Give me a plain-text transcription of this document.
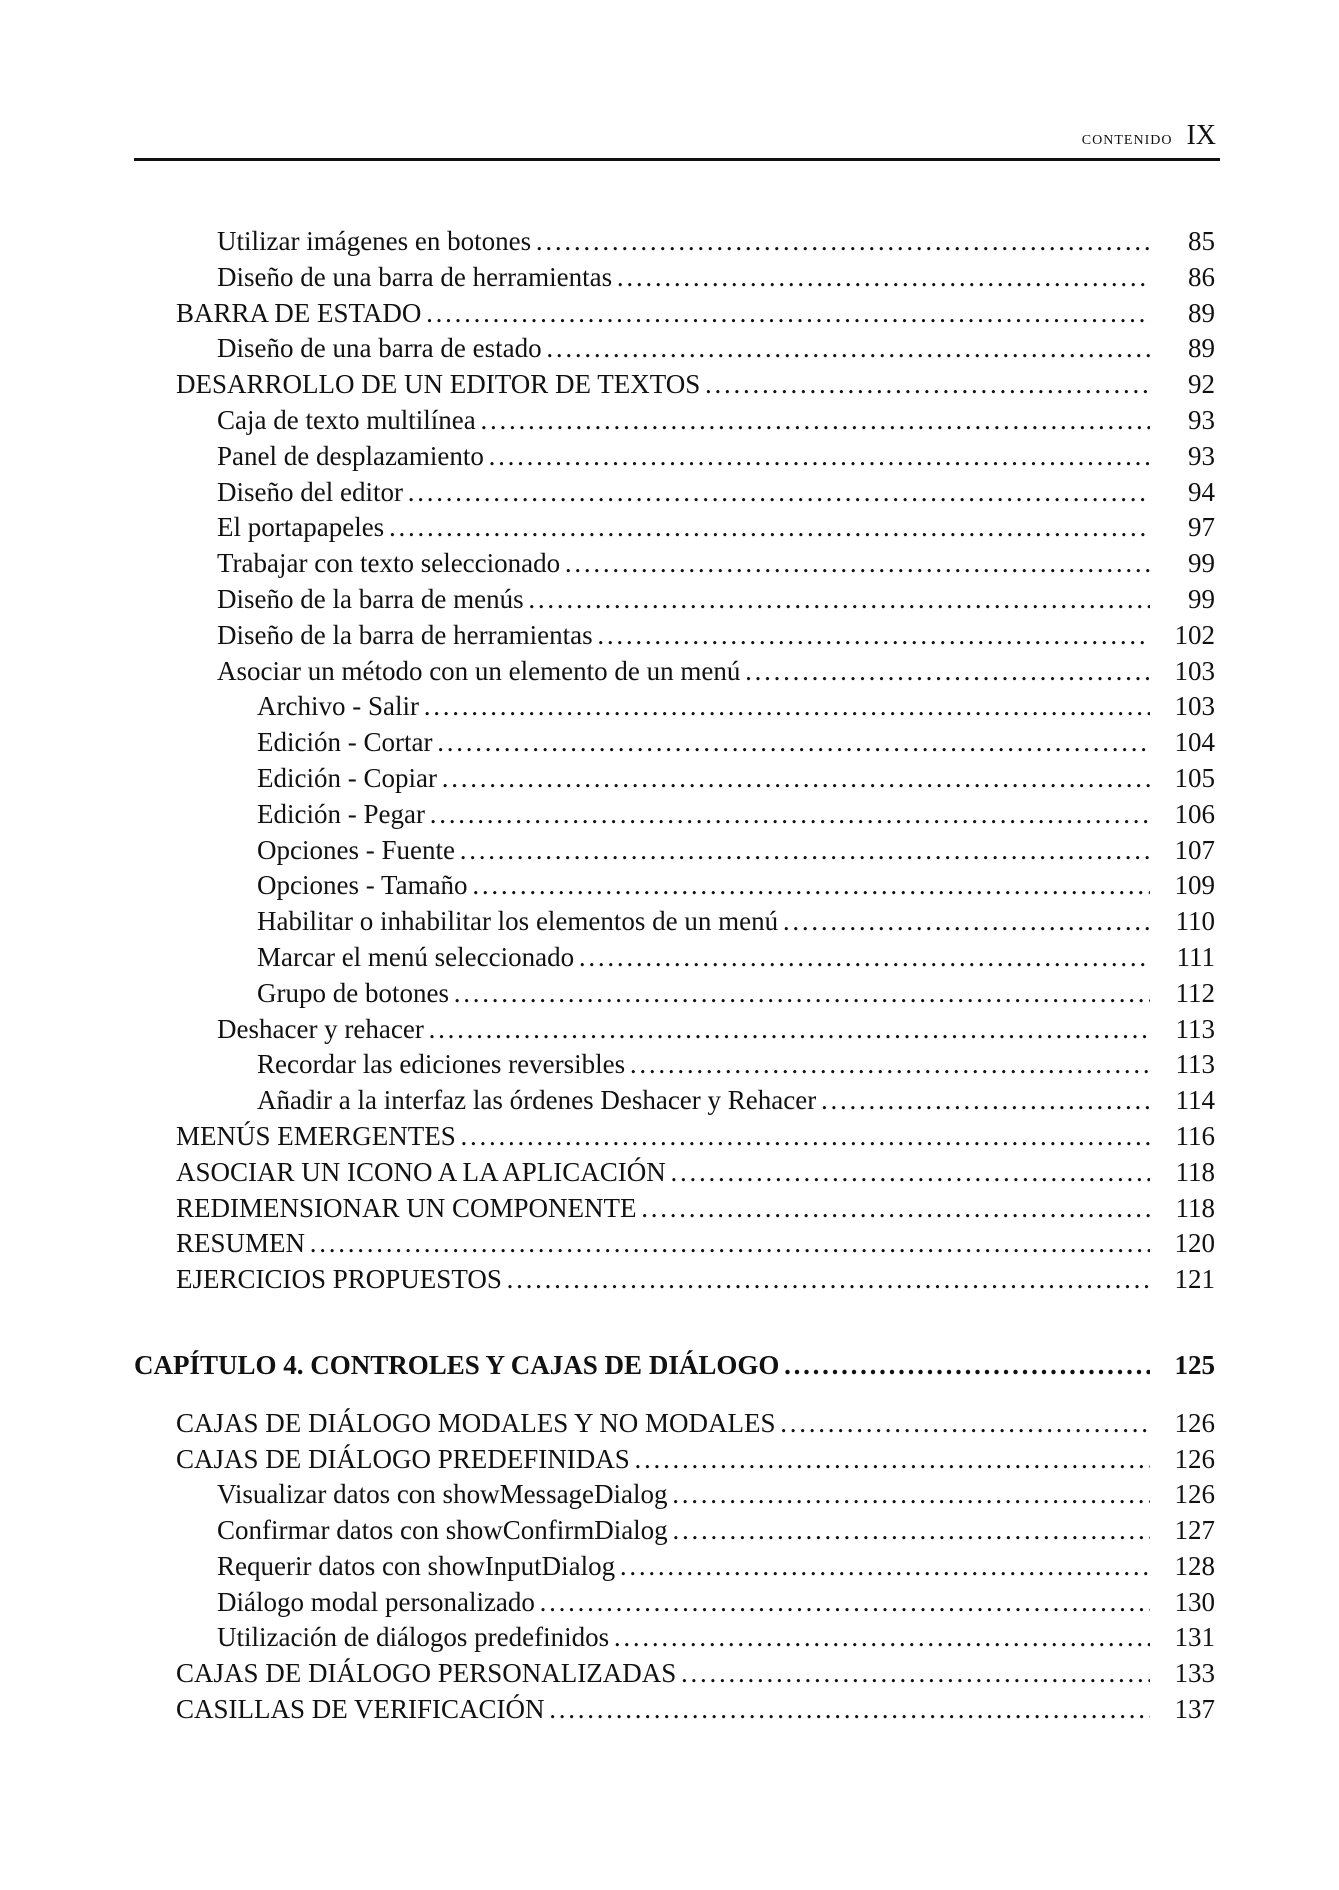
contenido IX
Utilizar imágenes en botones . . .	85
Diseño de una barra de herramientas . . .	86
BARRA DE ESTADO . . .	89
Diseño de una barra de estado . . .	89
DESARROLLO DE UN EDITOR DE TEXTOS . . .	92
Caja de texto multilínea . . .	93
Panel de desplazamiento . . .	93
Diseño del editor . . .	94
El portapapeles . . .	97
Trabajar con texto seleccionado . . .	99
Diseño de la barra de menús . . .	99
Diseño de la barra de herramientas . . .	102
Asociar un método con un elemento de un menú . . .	103
Archivo - Salir . . .	103
Edición - Cortar . . .	104
Edición - Copiar . . .	105
Edición - Pegar . . .	106
Opciones - Fuente . . .	107
Opciones - Tamaño . . .	109
Habilitar o inhabilitar los elementos de un menú . . .	110
Marcar el menú seleccionado . . .	111
Grupo de botones . . .	112
Deshacer y rehacer . . .	113
Recordar las ediciones reversibles . . .	113
Añadir a la interfaz las órdenes Deshacer y Rehacer . . .	114
MENÚS EMERGENTES . . .	116
ASOCIAR UN ICONO A LA APLICACIÓN . . .	118
REDIMENSIONAR UN COMPONENTE . . .	118
RESUMEN . . .	120
EJERCICIOS PROPUESTOS . . .	121
CAPÍTULO 4. CONTROLES Y CAJAS DE DIÁLOGO . . .	125
CAJAS DE DIÁLOGO MODALES Y NO MODALES . . .	126
CAJAS DE DIÁLOGO PREDEFINIDAS . . .	126
Visualizar datos con showMessageDialog . . .	126
Confirmar datos con showConfirmDialog . . .	127
Requerir datos con showInputDialog . . .	128
Diálogo modal personalizado . . .	130
Utilización de diálogos predefinidos . . .	131
CAJAS DE DIÁLOGO PERSONALIZADAS . . .	133
CASILLAS DE VERIFICACIÓN . . .	137
